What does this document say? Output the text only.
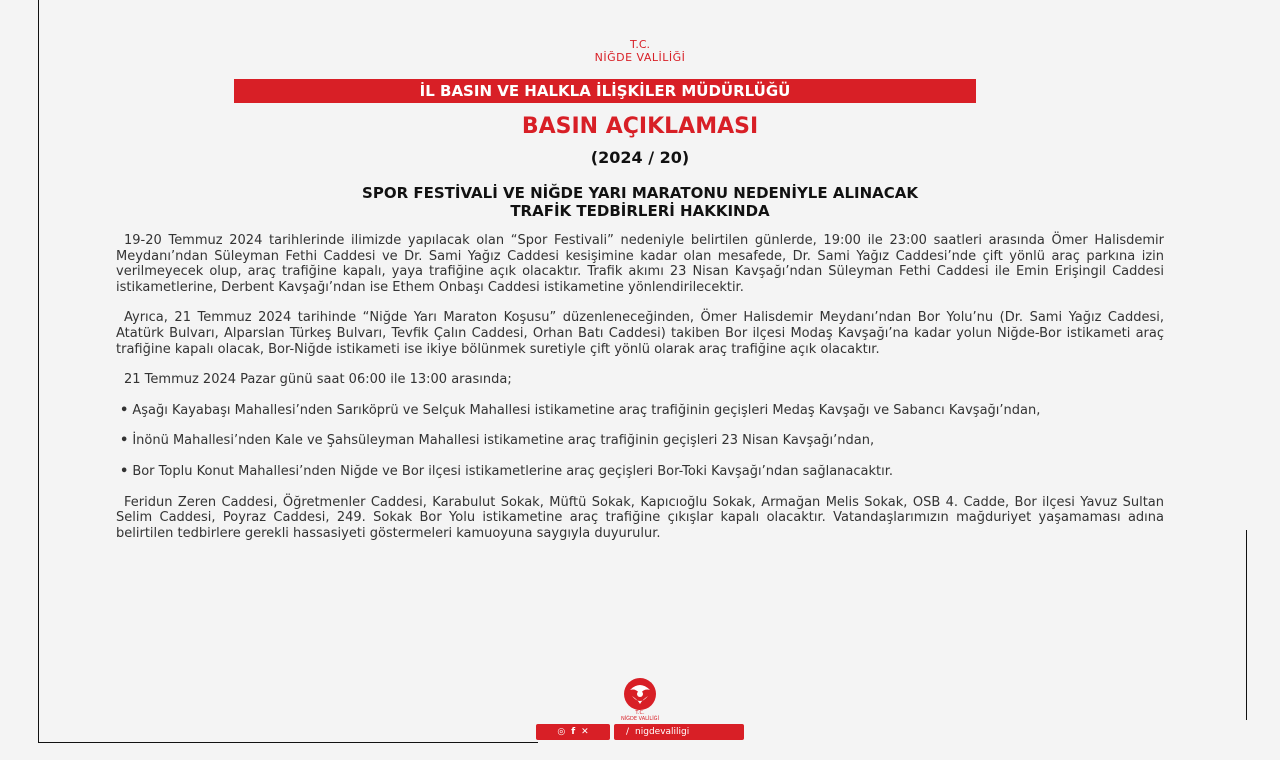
T.C.
NİĞDE VALİLİĞİ
İL BASIN VE HALKLA İLİŞKİLER MÜDÜRLÜĞÜ
BASIN AÇIKLAMASI
(2024 / 20)
SPOR FESTİVALİ VE NİĞDE YARI MARATONU NEDENİYLE ALINACAK
TRAFİK TEDBİRLERİ HAKKINDA

19-20 Temmuz 2024 tarihlerinde ilimizde yapılacak olan “Spor Festivali” nedeniyle belirtilen günlerde, 19:00 ile 23:00 saatleri arasında Ömer Halisdemir Meydanı’ndan Süleyman Fethi Caddesi ve Dr. Sami Yağız Caddesi kesişimine kadar olan mesafede, Dr. Sami Yağız Caddesi’nde çift yönlü araç parkına izin verilmeyecek olup, araç trafiğine kapalı, yaya trafiğine açık olacaktır. Trafik akımı 23 Nisan Kavşağı’ndan Süleyman Fethi Caddesi ile Emin Erişingil Caddesi istikametlerine, Derbent Kavşağı’ndan ise Ethem Onbaşı Caddesi istikametine yönlendirilecektir.

Ayrıca, 21 Temmuz 2024 tarihinde “Niğde Yarı Maraton Koşusu” düzenleneceğinden, Ömer Halisdemir Meydanı’ndan Bor Yolu’nu (Dr. Sami Yağız Caddesi, Atatürk Bulvarı, Alparslan Türkeş Bulvarı, Tevfik Çalın Caddesi, Orhan Batı Caddesi) takiben Bor ilçesi Modaş Kavşağı’na kadar yolun Niğde-Bor istikameti araç trafiğine kapalı olacak, Bor-Niğde istikameti ise ikiye bölünmek suretiyle çift yönlü olarak araç trafiğine açık olacaktır.

21 Temmuz 2024 Pazar günü saat 06:00 ile 13:00 arasında;

• Aşağı Kayabaşı Mahallesi’nden Sarıköprü ve Selçuk Mahallesi istikametine araç trafiğinin geçişleri Medaş Kavşağı ve Sabancı Kavşağı’ndan,

• İnönü Mahallesi’nden Kale ve Şahsüleyman Mahallesi istikametine araç trafiğinin geçişleri 23 Nisan Kavşağı’ndan,

• Bor Toplu Konut Mahallesi’nden Niğde ve Bor ilçesi istikametlerine araç geçişleri Bor-Toki Kavşağı’ndan sağlanacaktır.

Feridun Zeren Caddesi, Öğretmenler Caddesi, Karabulut Sokak, Müftü Sokak, Kapıcıoğlu Sokak, Armağan Melis Sokak, OSB 4. Cadde, Bor ilçesi Yavuz Sultan Selim Caddesi, Poyraz Caddesi, 249. Sokak Bor Yolu istikametine araç trafiğine çıkışlar kapalı olacaktır. Vatandaşlarımızın mağduriyet yaşamaması adına belirtilen tedbirlere gerekli hassasiyeti göstermeleri kamuoyuna saygıyla duyurulur.

T.C.
NİĞDE VALİLİĞİ
◎ f ✕	/ nigdevaliligi
